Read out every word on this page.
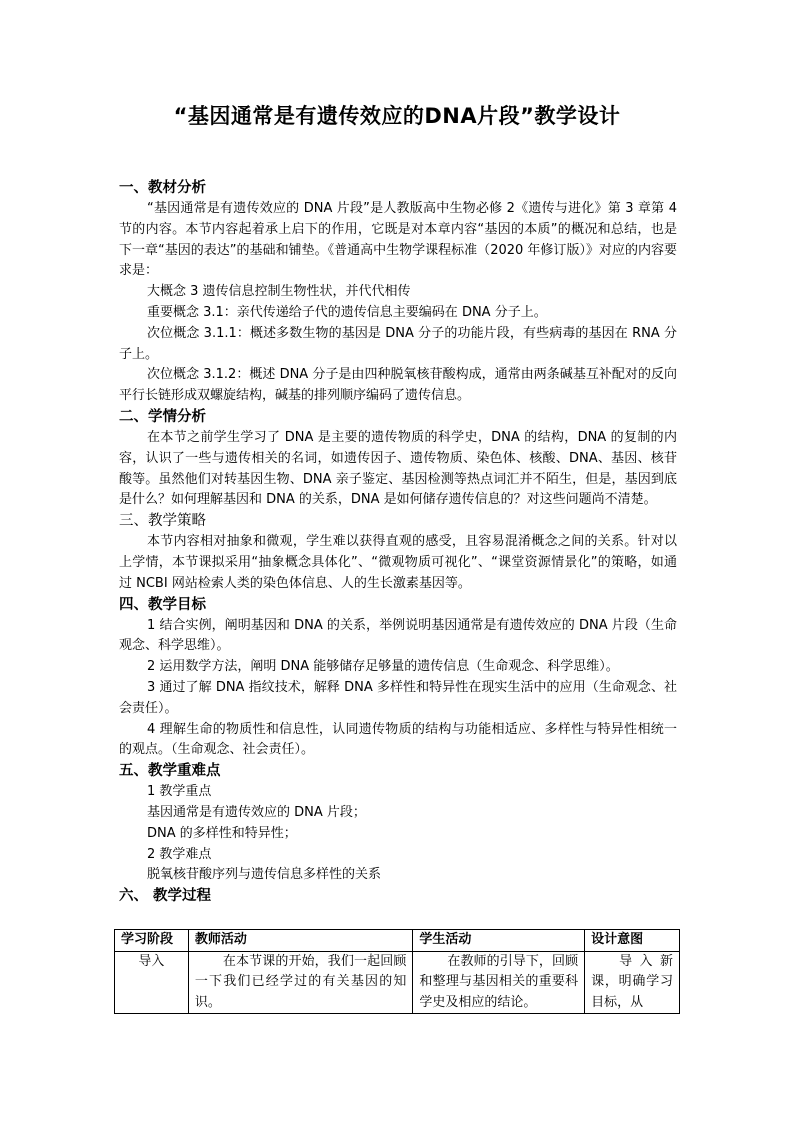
“基因通常是有遗传效应的DNA片段”教学设计

一、教材分析

“基因通常是有遗传效应的 DNA 片段”是人教版高中生物必修 2《遗传与进化》第 3 章第 4 节的内容。本节内容起着承上启下的作用，它既是对本章内容“基因的本质”的概况和总结，也是下一章“基因的表达”的基础和铺垫。《普通高中生物学课程标准（2020 年修订版）》对应的内容要求是：

大概念 3 遗传信息控制生物性状，并代代相传

重要概念 3.1：亲代传递给子代的遗传信息主要编码在 DNA 分子上。

次位概念 3.1.1：概述多数生物的基因是 DNA 分子的功能片段，有些病毒的基因在 RNA 分子上。

次位概念 3.1.2：概述 DNA 分子是由四种脱氧核苷酸构成，通常由两条碱基互补配对的反向平行长链形成双螺旋结构，碱基的排列顺序编码了遗传信息。

二、学情分析

在本节之前学生学习了 DNA 是主要的遗传物质的科学史，DNA 的结构，DNA 的复制的内容，认识了一些与遗传相关的名词，如遗传因子、遗传物质、染色体、核酸、DNA、基因、核苷酸等。虽然他们对转基因生物、DNA 亲子鉴定、基因检测等热点词汇并不陌生，但是，基因到底是什么？如何理解基因和 DNA 的关系，DNA 是如何储存遗传信息的？对这些问题尚不清楚。

三、教学策略

本节内容相对抽象和微观，学生难以获得直观的感受，且容易混淆概念之间的关系。针对以上学情，本节课拟采用“抽象概念具体化”、“微观物质可视化”、“课堂资源情景化”的策略，如通过 NCBI 网站检索人类的染色体信息、人的生长激素基因等。

四、教学目标

1 结合实例，阐明基因和 DNA 的关系，举例说明基因通常是有遗传效应的 DNA 片段（生命观念、科学思维）。

2 运用数学方法，阐明 DNA 能够储存足够量的遗传信息（生命观念、科学思维）。

3 通过了解 DNA 指纹技术，解释 DNA 多样性和特异性在现实生活中的应用（生命观念、社会责任）。

4 理解生命的物质性和信息性，认同遗传物质的结构与功能相适应、多样性与特异性相统一的观点。（生命观念、社会责任）。

五、教学重难点

1 教学重点

基因通常是有遗传效应的 DNA 片段；

DNA 的多样性和特异性；

2 教学难点

脱氧核苷酸序列与遗传信息多样性的关系

六、 教学过程

学习阶段	教师活动	学生活动	设计意图
导入	在本节课的开始，我们一起回顾一下我们已经学过的有关基因的知识。	在教师的引导下，回顾和整理与基因相关的重要科学史及相应的结论。	导入新课，明确学习目标，从
